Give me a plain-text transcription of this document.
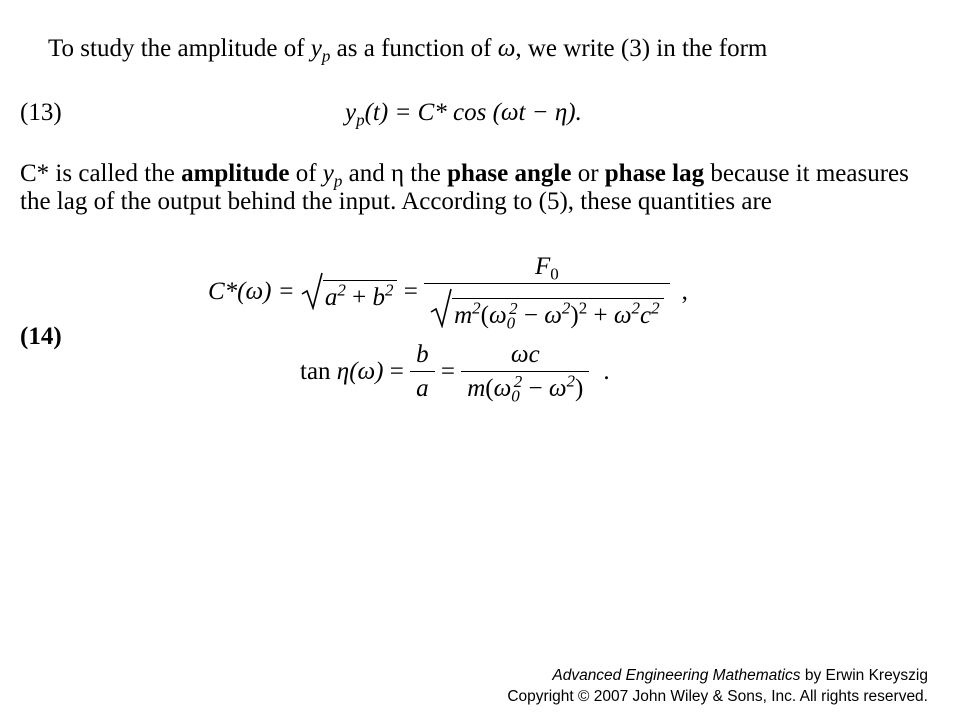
To study the amplitude of $y_p$ as a function of ω, we write (3) in the form
(13)	$y_p(t) = C*$ cos (ωt − η).
C* is called the amplitude of $y_p$ and η the phase angle or phase lag because it measures
the lag of the output behind the input. According to (5), these quantities are
(14)
$C*(\omega) = a^2 + b^2 = \frac{F_0}{m^2(\omega_0^2 - \omega^2)^2 + \omega^2c^2}$ ,
$\tan \eta(\omega) = \frac{b}{a} = \frac{\omega c}{m(\omega_0^2 - \omega^2)}$ .
Advanced Engineering Mathematics by Erwin Kreyszig
Copyright © 2007 John Wiley & Sons, Inc. All rights reserved.
